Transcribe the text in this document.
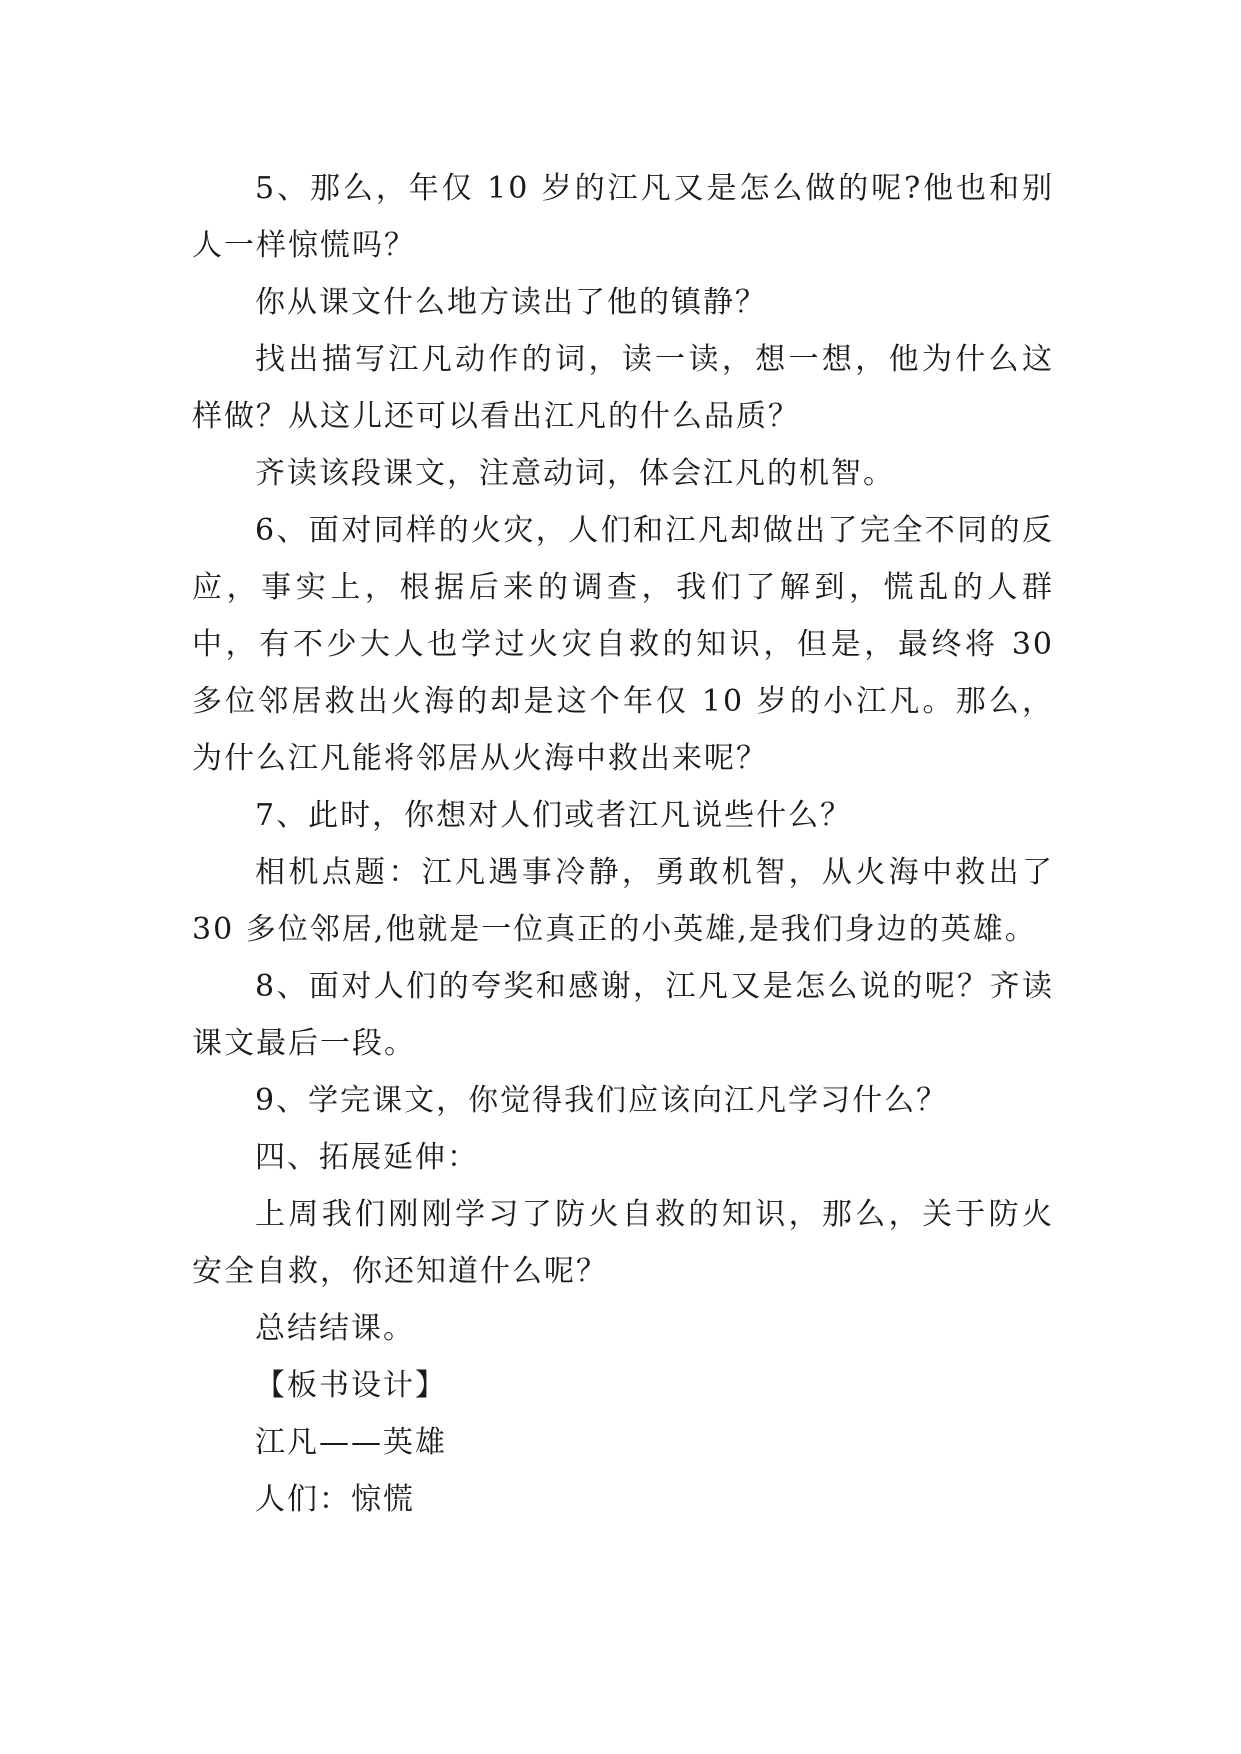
5、那么，年仅 10 岁的江凡又是怎么做的呢?他也和别人一样惊慌吗？

你从课文什么地方读出了他的镇静？

找出描写江凡动作的词，读一读，想一想，他为什么这样做？从这儿还可以看出江凡的什么品质？

齐读该段课文，注意动词，体会江凡的机智。

6、面对同样的火灾，人们和江凡却做出了完全不同的反应，事实上，根据后来的调查，我们了解到，慌乱的人群中，有不少大人也学过火灾自救的知识，但是，最终将 30 多位邻居救出火海的却是这个年仅 10 岁的小江凡。那么，为什么江凡能将邻居从火海中救出来呢？

7、此时，你想对人们或者江凡说些什么？

相机点题：江凡遇事冷静，勇敢机智，从火海中救出了 30 多位邻居,他就是一位真正的小英雄,是我们身边的英雄。

8、面对人们的夸奖和感谢，江凡又是怎么说的呢？齐读课文最后一段。

9、学完课文，你觉得我们应该向江凡学习什么？

四、拓展延伸：

上周我们刚刚学习了防火自救的知识，那么，关于防火安全自救，你还知道什么呢？

总结结课。

【板书设计】

江凡——英雄

人们：惊慌
